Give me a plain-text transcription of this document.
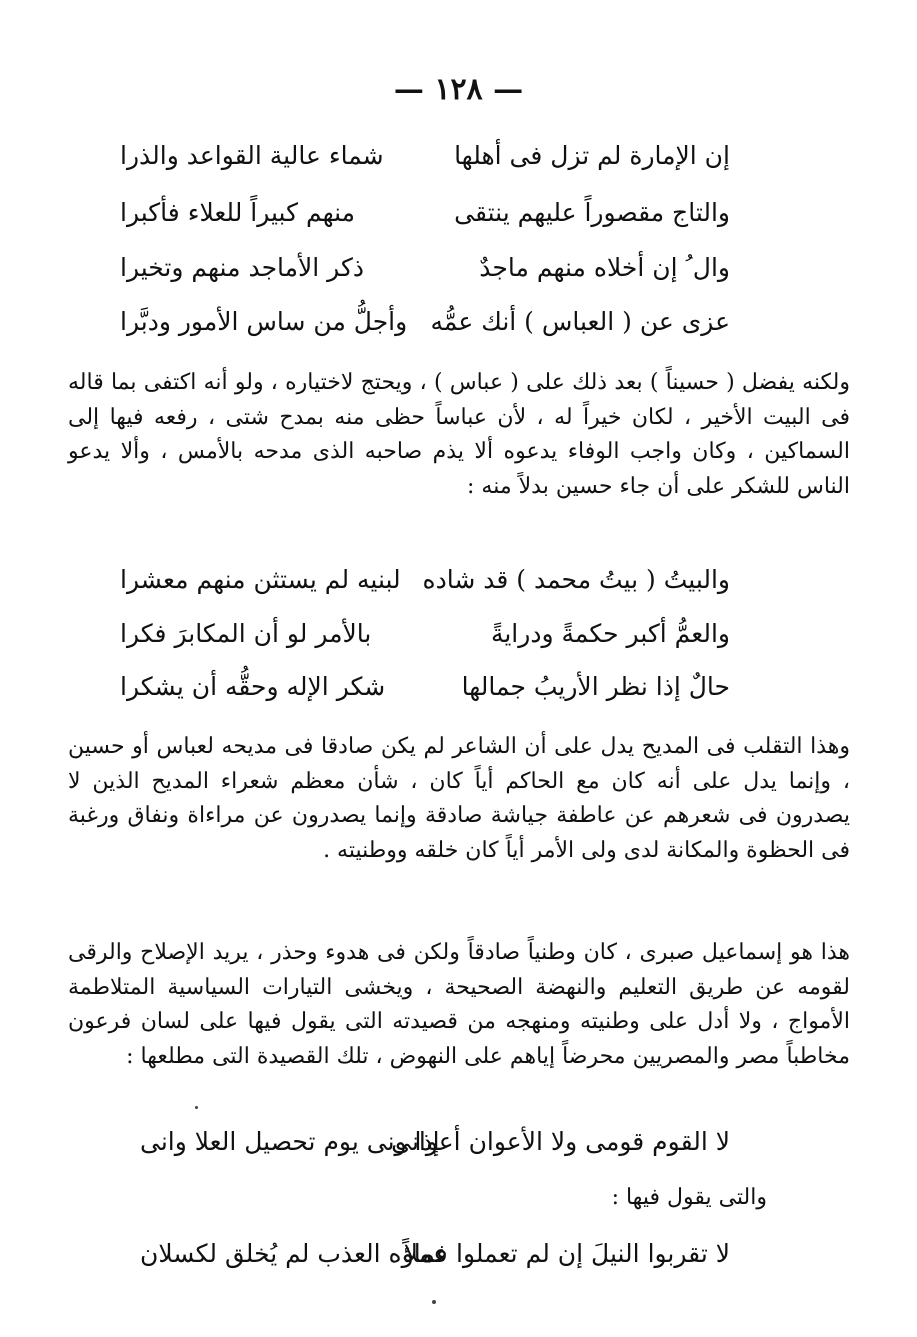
— ١٢٨ —
إن الإمارة لم تزل فى أهلها
شماء عالية القواعد والذرا
والتاج مقصوراً عليهم ينتقى
منهم كبيراً للعلاء فأكبرا
وال ُ إن أخلاه منهم ماجدٌ
ذكر الأماجد منهم وتخيرا
عزى عن ( العباس ) أنك عمُّه
وأجلُّ من ساس الأمور ودبَّرا
ولكنه يفضل ( حسيناً ) بعد ذلك على ( عباس ) ، ويحتج لاختياره ، ولو أنه اكتفى بما قاله فى البيت الأخير ، لكان خيراً له ، لأن عباساً حظى منه بمدح شتى ، رفعه فيها إلى السماكين ، وكان واجب الوفاء يدعوه ألا يذم صاحبه الذى مدحه بالأمس ، وألا يدعو الناس للشكر على أن جاء حسين بدلاً منه :
والبيتُ ( بيتُ محمد ) قد شاده
لبنيه لم يستثن منهم معشرا
والعمُّ أكبر حكمةً ودرايةً
بالأمر لو أن المكابرَ فكرا
حالٌ إذا نظر الأريبُ جمالها
شكر الإله وحقُّه أن يشكرا
وهذا التقلب فى المديح يدل على أن الشاعر لم يكن صادقا فى مديحه لعباس أو حسين ، وإنما يدل على أنه كان مع الحاكم أياً كان ، شأن معظم شعراء المديح الذين لا يصدرون فى شعرهم عن عاطفة جياشة صادقة وإنما يصدرون عن مراءاة ونفاق ورغبة فى الحظوة والمكانة لدى ولى الأمر أياً كان خلقه ووطنيته .
هذا هو إسماعيل صبرى ، كان وطنياً صادقاً ولكن فى هدوء وحذر ، يريد الإصلاح والرقى لقومه عن طريق التعليم والنهضة الصحيحة ، ويخشى التيارات السياسية المتلاطمة الأمواج ، ولا أدل على وطنيته ومنهجه من قصيدته التى يقول فيها على لسان فرعون مخاطباً مصر والمصريين محرضاً إياهم على النهوض ، تلك القصيدة التى مطلعها :
لا القوم قومى ولا الأعوان أعوانى
إذا ونى يوم تحصيل العلا وانى
والتى يقول فيها :
لا تقربوا النيلَ إن لم تعملوا عملاً
فماؤه العذب لم يُخلق لكسلان
